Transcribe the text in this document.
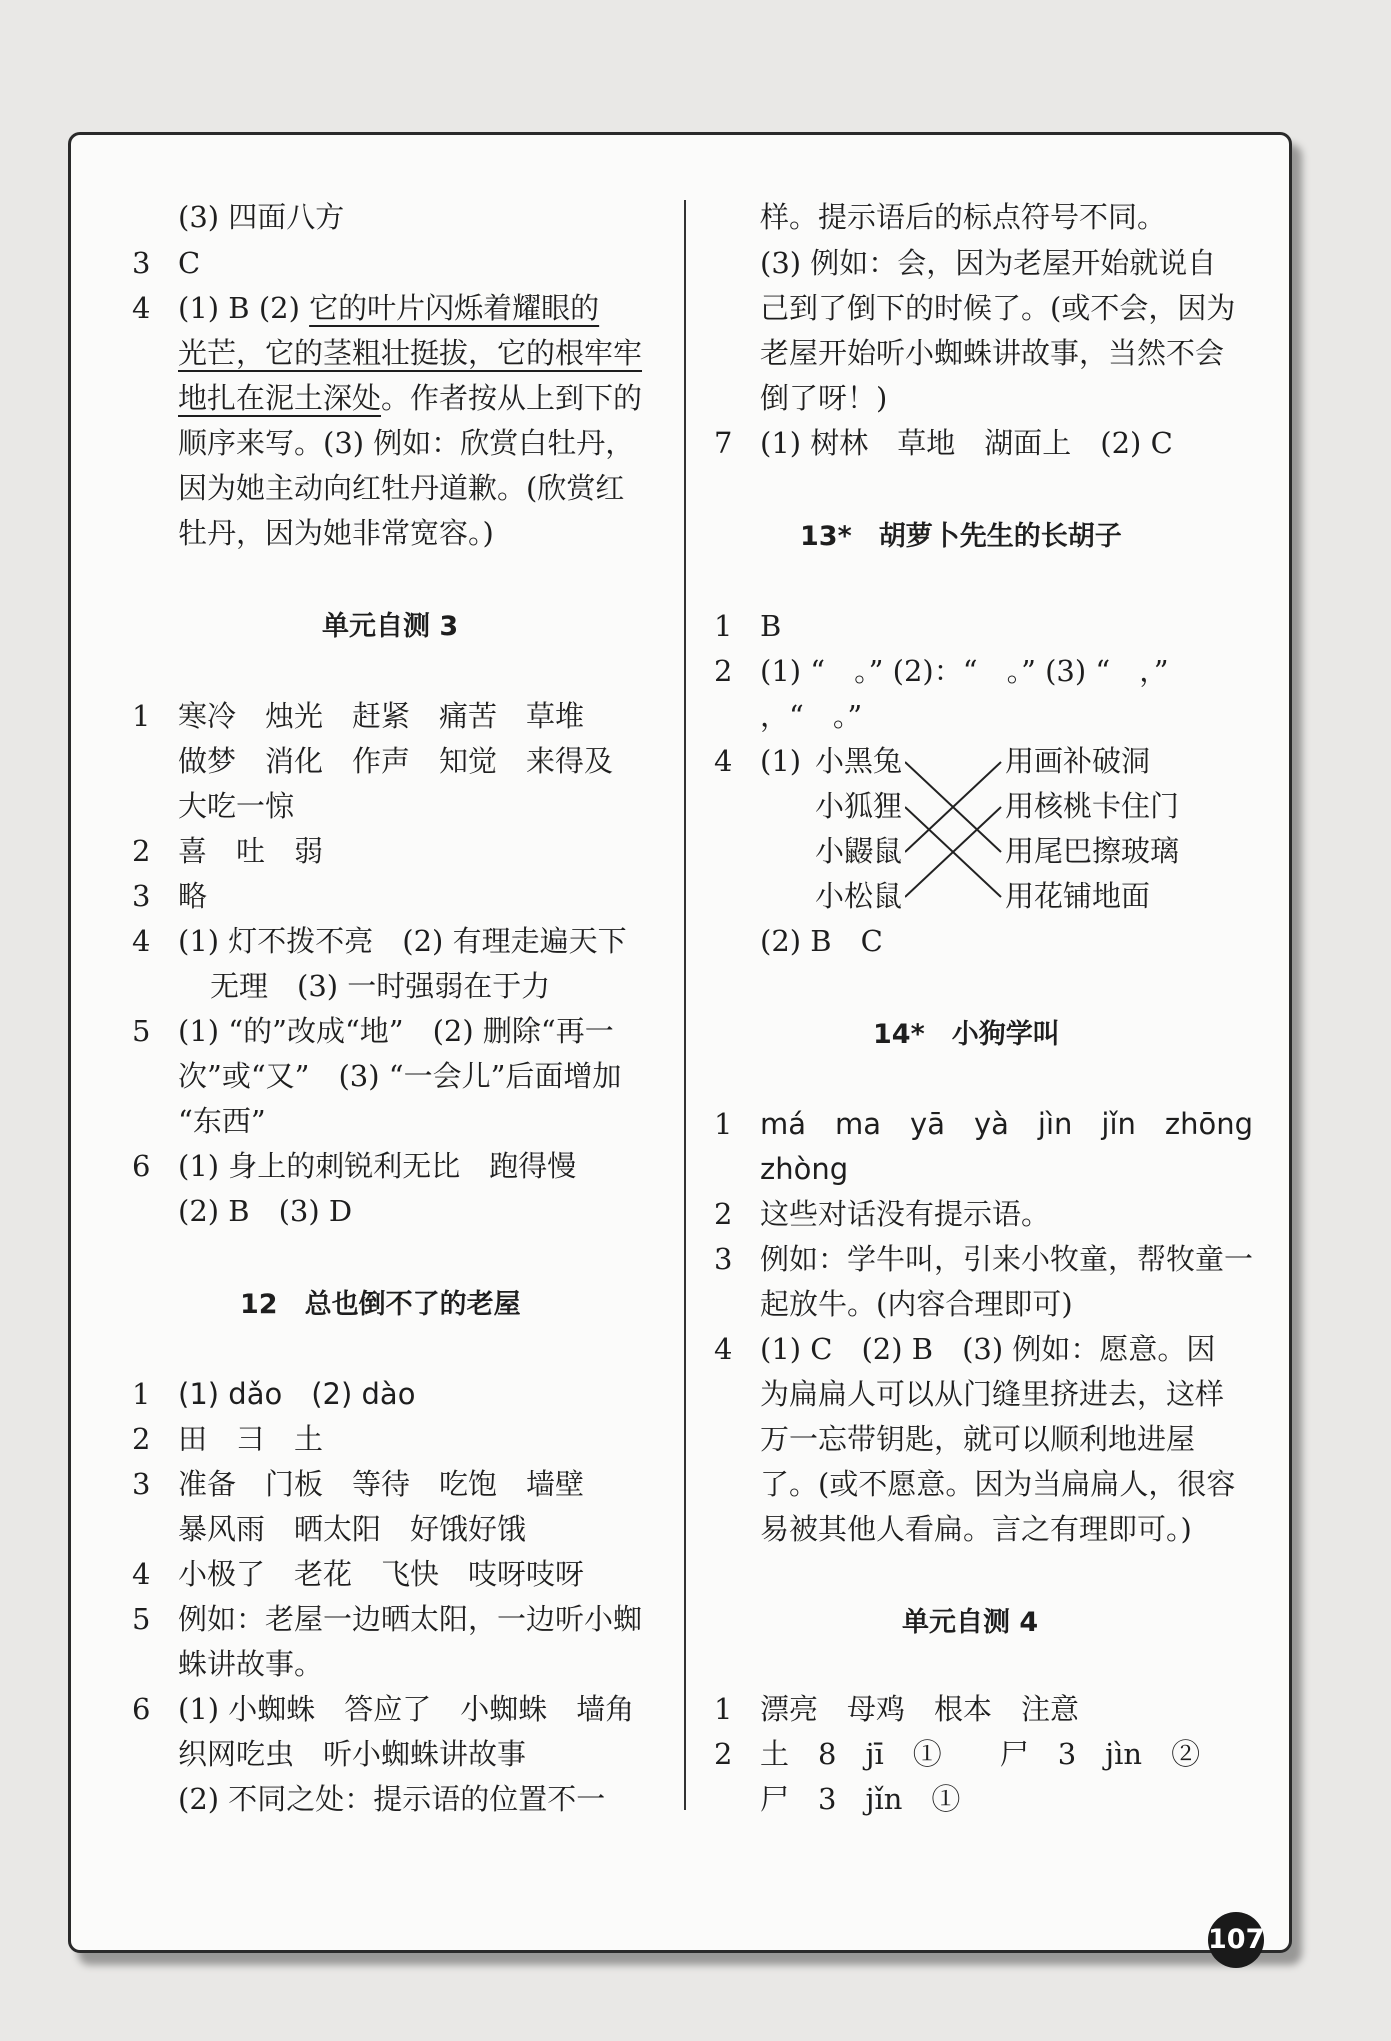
(3) 四面八方
3 C
4 (1) B (2) 它的叶片闪烁着耀眼的
光芒，它的茎粗壮挺拔，它的根牢牢
地扎在泥土深处。作者按从上到下的
顺序来写。(3) 例如：欣赏白牡丹，
因为她主动向红牡丹道歉。(欣赏红
牡丹，因为她非常宽容。)
单元自测 3
1 寒冷　烛光　赶紧　痛苦　草堆
做梦　消化　作声　知觉　来得及
大吃一惊
2 喜　吐　弱
3 略
4 (1) 灯不拨不亮　(2) 有理走遍天下
无理　(3) 一时强弱在于力
5 (1) “的”改成“地”　(2) 删除“再一
次”或“又”　(3) “一会儿”后面增加
“东西”
6 (1) 身上的刺锐利无比　跑得慢
(2) B　(3) D
12　总也倒不了的老屋
1 (1) dǎo　(2) dào
2 田　⺕　土
3 准备　门板　等待　吃饱　墙壁
暴风雨　晒太阳　好饿好饿
4 小极了　老花　飞快　吱呀吱呀
5 例如：老屋一边晒太阳，一边听小蜘
蛛讲故事。
6 (1) 小蜘蛛　答应了　小蜘蛛　墙角
织网吃虫　听小蜘蛛讲故事
(2) 不同之处：提示语的位置不一
样。提示语后的标点符号不同。
(3) 例如：会，因为老屋开始就说自
己到了倒下的时候了。(或不会，因为
老屋开始听小蜘蛛讲故事，当然不会
倒了呀！)
7 (1) 树林　草地　湖面上　(2) C
13*　胡萝卜先生的长胡子
1 B
2 (1) “　。” (2)：“　。” (3) “　，”
，“　。”
4 (1) 小黑兔
小狐狸
小鼹鼠
小松鼠
用画补破洞
用核桃卡住门
用尾巴擦玻璃
用花铺地面
(2) B　C
14*　小狗学叫
1 má　ma　yā　yà　jìn　jǐn　zhōng
zhòng
2 这些对话没有提示语。
3 例如：学牛叫，引来小牧童，帮牧童一
起放牛。(内容合理即可)
4 (1) C　(2) B　(3) 例如：愿意。因
为扁扁人可以从门缝里挤进去，这样
万一忘带钥匙，就可以顺利地进屋
了。(或不愿意。因为当扁扁人，很容
易被其他人看扁。言之有理即可。)
单元自测 4
1 漂亮　母鸡　根本　注意
2 土　8　jī　①　　尸　3　jìn　②
尸　3　jǐn　①
107
